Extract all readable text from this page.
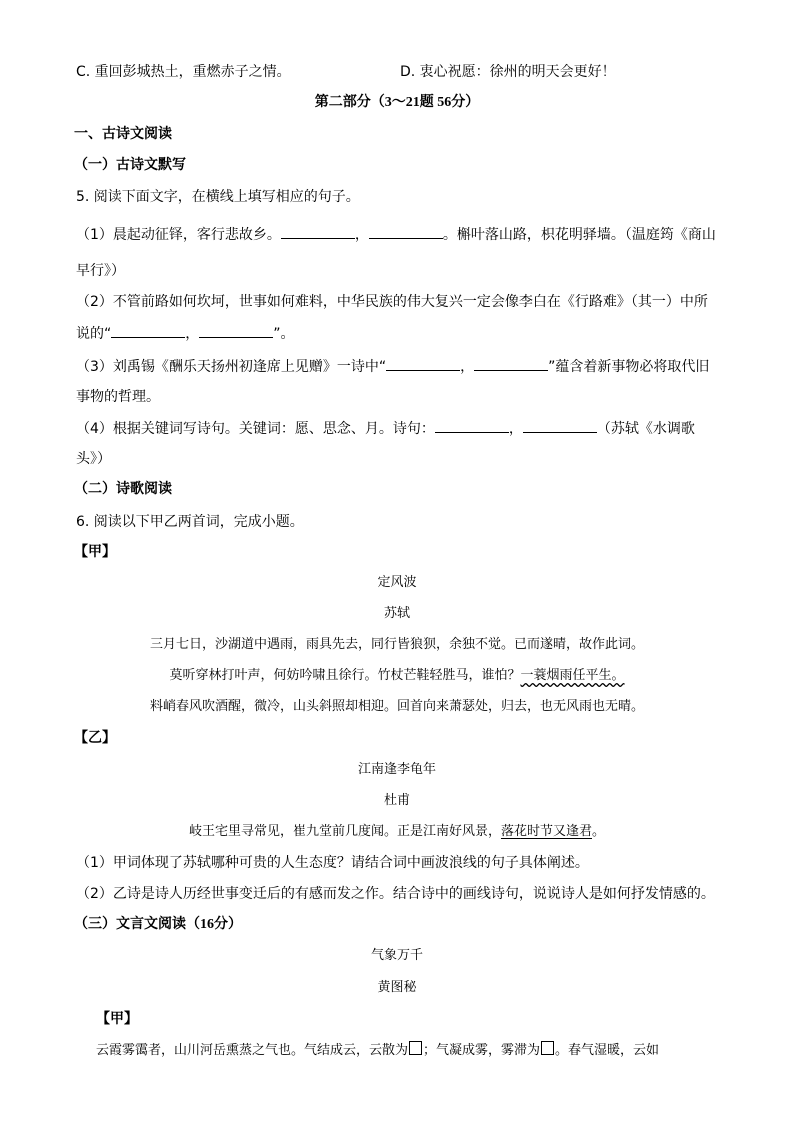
C. 重回彭城热土，重燃赤子之情。	D. 衷心祝愿：徐州的明天会更好！
第二部分（3～21题 56分）
一、古诗文阅读
（一）古诗文默写
5. 阅读下面文字，在横线上填写相应的句子。
（1）晨起动征铎，客行悲故乡。	，	。槲叶落山路，枳花明驿墙。（温庭筠《商山
早行》）
（2）不管前路如何坎坷，世事如何难料，中华民族的伟大复兴一定会像李白在《行路难》（其一）中所
说的“	，	”。
（3）刘禹锡《酬乐天扬州初逢席上见赠》一诗中“	，	”蕴含着新事物必将取代旧
事物的哲理。
（4）根据关键词写诗句。关键词：愿、思念、月。诗句：	，	（苏轼《水调歌
头》）
（二）诗歌阅读
6. 阅读以下甲乙两首词，完成小题。
【甲】
定风波
苏轼
三月七日，沙湖道中遇雨，雨具先去，同行皆狼狈，余独不觉。已而遂晴，故作此词。
莫听穿林打叶声，何妨吟啸且徐行。竹杖芒鞋轻胜马，谁怕？一蓑烟雨任平生。
料峭春风吹酒醒，微冷，山头斜照却相迎。回首向来萧瑟处，归去，也无风雨也无晴。
【乙】
江南逢李龟年
杜甫
岐王宅里寻常见，崔九堂前几度闻。正是江南好风景，落花时节又逢君。
（1）甲词体现了苏轼哪种可贵的人生态度？请结合词中画波浪线的句子具体阐述。
（2）乙诗是诗人历经世事变迁后的有感而发之作。结合诗中的画线诗句，说说诗人是如何抒发情感的。
（三）文言文阅读（16分）
气象万千
黄图秘
【甲】
云霞雾霭者，山川河岳熏蒸之气也。气结成云，云散为 ；气凝成雾，雾滞为 。春气湿暖，云如
